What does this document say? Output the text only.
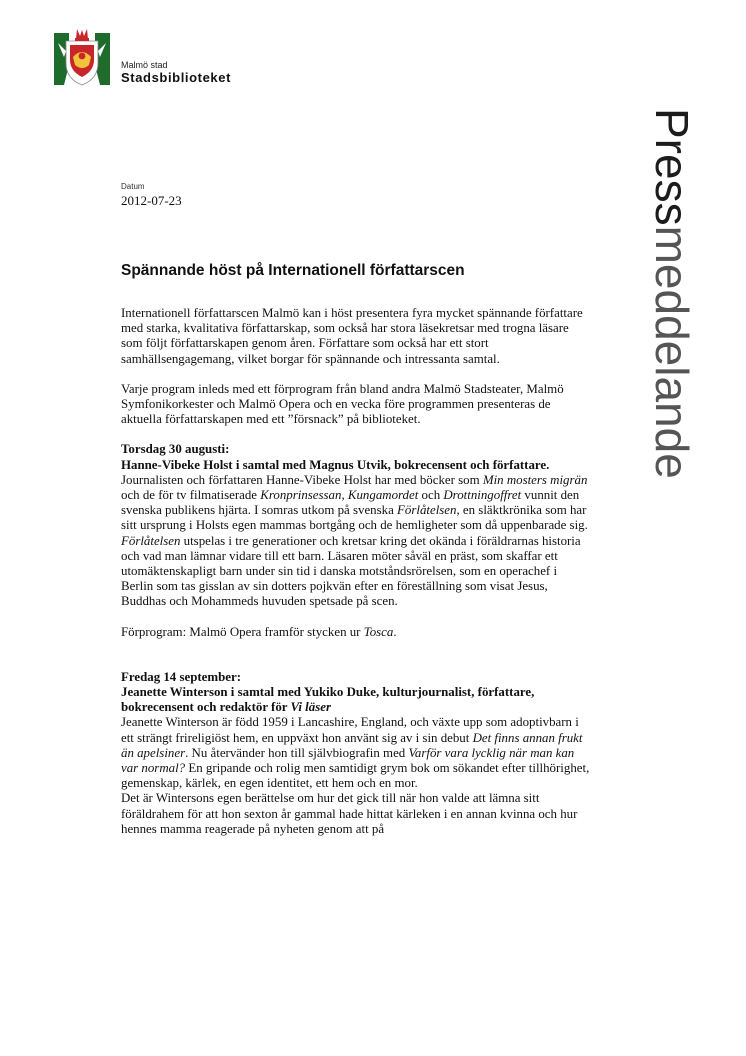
Malmö stad
Stadsbiblioteket
Pressmeddelande
Datum
2012-07-23
Spännande höst på Internationell författarscen

Internationell författarscen Malmö kan i höst presentera fyra mycket spännande författare med starka, kvalitativa författarskap, som också har stora läsekretsar med trogna läsare som följt författarskapen genom åren. Författare som också har ett stort samhällsengagemang, vilket borgar för spännande och intressanta samtal.

Varje program inleds med ett förprogram från bland andra Malmö Stadsteater, Malmö Symfonikorkester och Malmö Opera och en vecka före programmen presenteras de aktuella författarskapen med ett ”försnack” på biblioteket.

Torsdag 30 augusti:

Hanne-Vibeke Holst i samtal med Magnus Utvik, bokrecensent och författare.

Journalisten och författaren Hanne-Vibeke Holst har med böcker som Min mosters migrän och de för tv filmatiserade Kronprinsessan, Kungamordet och Drottningoffret vunnit den svenska publikens hjärta. I somras utkom på svenska Förlåtelsen, en släktkrönika som har sitt ursprung i Holsts egen mammas bortgång och de hemligheter som då uppenbarade sig. Förlåtelsen utspelas i tre generationer och kretsar kring det okända i föräldrarnas historia och vad man lämnar vidare till ett barn. Läsaren möter såväl en präst, som skaffar ett utomäktenskapligt barn under sin tid i danska motståndsrörelsen, som en operachef i Berlin som tas gisslan av sin dotters pojkvän efter en föreställning som visat Jesus, Buddhas och Mohammeds huvuden spetsade på scen.

Förprogram: Malmö Opera framför stycken ur Tosca.

Fredag 14 september:

Jeanette Winterson i samtal med Yukiko Duke, kulturjournalist, författare, bokrecensent och redaktör för Vi läser

Jeanette Winterson är född 1959 i Lancashire, England, och växte upp som adoptivbarn i ett strängt frireligiöst hem, en uppväxt hon använt sig av i sin debut Det finns annan frukt än apelsiner. Nu återvänder hon till självbiografin med Varför vara lycklig när man kan var normal? En gripande och rolig men samtidigt grym bok om sökandet efter tillhörighet, gemenskap, kärlek, en egen identitet, ett hem och en mor.

Det är Wintersons egen berättelse om hur det gick till när hon valde att lämna sitt föräldrahem för att hon sexton år gammal hade hittat kärleken i en annan kvinna och hur hennes mamma reagerade på nyheten genom att på
